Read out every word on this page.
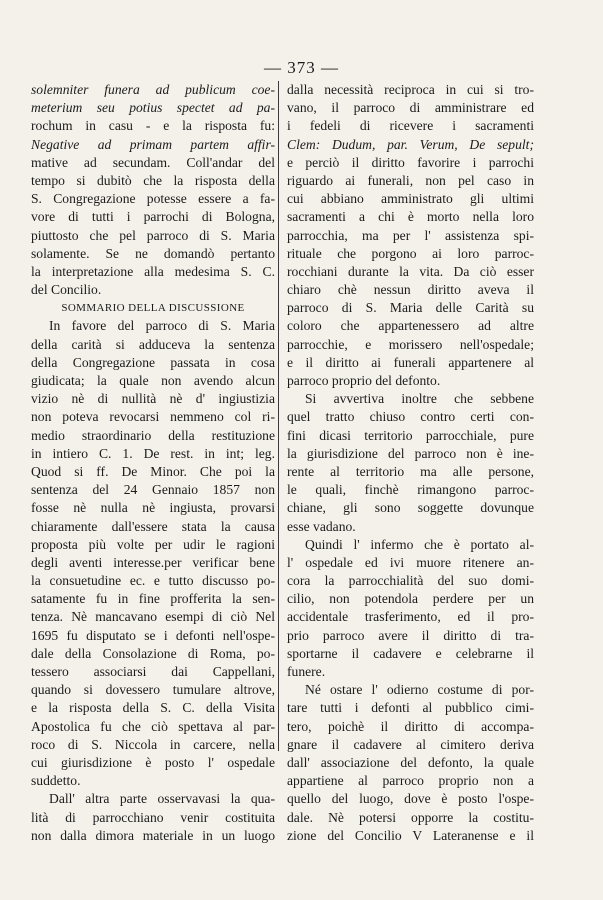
— 373 —
solemniter funera ad publicum coe-
meterium seu potius spectet ad pa-
rochum in casu - e la risposta fu:
Negative ad primam partem affir-
mative ad secundam. Coll'andar del
tempo si dubitò che la risposta della
S. Congregazione potesse essere a fa-
vore di tutti i parrochi di Bologna,
piuttosto che pel parroco di S. Maria
solamente. Se ne domandò pertanto
la interpretazione alla medesima S. C.
del Concilio.
SOMMARIO DELLA DISCUSSIONE
In favore del parroco di S. Maria
della carità si adduceva la sentenza
della Congregazione passata in cosa
giudicata; la quale non avendo alcun
vizio nè di nullità nè d' ingiustizia
non poteva revocarsi nemmeno col ri-
medio straordinario della restituzione
in intiero C. 1. De rest. in int; leg.
Quod si ff. De Minor. Che poi la
sentenza del 24 Gennaio 1857 non
fosse nè nulla nè ingiusta, provarsi
chiaramente dall'essere stata la causa
proposta più volte per udir le ragioni
degli aventi interesse.per verificar bene
la consuetudine ec. e tutto discusso po-
satamente fu in fine profferita la sen-
tenza. Nè mancavano esempi di ciò Nel
1695 fu disputato se i defonti nell'ospe-
dale della Consolazione di Roma, po-
tessero associarsi dai Cappellani,
quando si dovessero tumulare altrove,
e la risposta della S. C. della Visita
Apostolica fu che ciò spettava al par-
roco di S. Niccola in carcere, nella
cui giurisdizione è posto l' ospedale
suddetto.
Dall' altra parte osservavasi la qua-
lità di parrocchiano venir costituita
non dalla dimora materiale in un luogo
dalla necessità reciproca in cui si tro-
vano, il parroco di amministrare ed
i fedeli di ricevere i sacramenti
Clem: Dudum, par. Verum, De sepult;
e perciò il diritto favorire i parrochi
riguardo ai funerali, non pel caso in
cui abbiano amministrato gli ultimi
sacramenti a chi è morto nella loro
parrocchia, ma per l' assistenza spi-
rituale che porgono ai loro parroc-
rocchiani durante la vita. Da ciò esser
chiaro chè nessun diritto aveva il
parroco di S. Maria delle Carità su
coloro che appartenessero ad altre
parrocchie, e morissero nell'ospedale;
e il diritto ai funerali appartenere al
parroco proprio del defonto.
Si avvertiva inoltre che sebbene
quel tratto chiuso contro certi con-
fini dicasi territorio parrocchiale, pure
la giurisdizione del parroco non è ine-
rente al territorio ma alle persone,
le quali, finchè rimangono parroc-
chiane, gli sono soggette dovunque
esse vadano.
Quindi l' infermo che è portato al-
l' ospedale ed ivi muore ritenere an-
cora la parrocchialità del suo domi-
cilio, non potendola perdere per un
accidentale trasferimento, ed il pro-
prio parroco avere il diritto di tra-
sportarne il cadavere e celebrarne il
funere.
Né ostare l' odierno costume di por-
tare tutti i defonti al pubblico cimi-
tero, poichè il diritto di accompa-
gnare il cadavere al cimitero deriva
dall' associazione del defonto, la quale
appartiene al parroco proprio non a
quello del luogo, dove è posto l'ospe-
dale. Nè potersi opporre la costitu-
zione del Concilio V Lateranense e il
